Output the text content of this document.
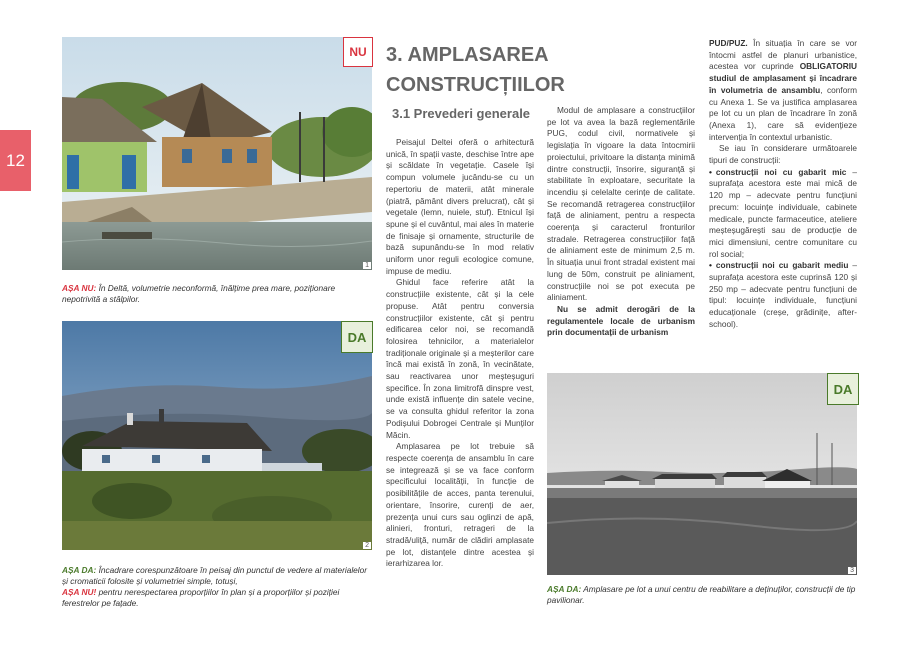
12
1
NU
AȘA NU: În Deltă, volumetrie neconformă, înălțime prea mare, poziționare nepotrivită a stâlpilor.
2
DA
AȘA DA: Încadrare corespunzătoare în peisaj din punctul de vedere al materialelor și cromaticii folosite și volumetriei simple, totuși,
AȘA NU! pentru nerespectarea proporțiilor în plan și a proporțiilor și poziției ferestrelor pe fațade.
3. AMPLASAREA
CONSTRUCȚIILOR
3.1 Prevederi generale

Peisajul Deltei oferă o arhitectură unică, în spații vaste, deschise între ape și scăldate în vegetație. Casele își compun volumele jucându-se cu un repertoriu de materii, atât minerale (piatră, pământ divers prelucrat), cât și vegetale (lemn, nuiele, stuf). Etnicul își spune și el cuvântul, mai ales în materie de finisaje și ornamente, structurile de bază supunându-se în mod relativ uniform unor reguli ecologice comune, impuse de mediu.

Ghidul face referire atât la construcțiile existente, cât și la cele propuse. Atât pentru conversia construcțiilor existente, cât și pentru edificarea celor noi, se recomandă folosirea tehnicilor, a materialelor tradiționale originale și a meșterilor care încă mai există în zonă, în vecinătate, sau reactivarea unor meșteșuguri specifice. În zona limitrofă dinspre vest, unde există influențe din satele vecine, se va consulta ghidul referitor la zona Podișului Dobrogei Centrale și Munților Măcin.

Amplasarea pe lot trebuie să respecte coerența de ansamblu în care se integrează și se va face conform specificului localității, în funcție de posibilitățile de acces, panta terenului, orientare, însorire, curenți de aer, prezența unui curs sau oglinzi de apă, alinieri, fronturi, retrageri de la stradă/uliță, număr de clădiri amplasate pe lot, distanțele dintre acestea și ierarhizarea lor.

Modul de amplasare a construcțiilor pe lot va avea la bază reglementările PUG, codul civil, normativele și legislația în vigoare la data întocmirii proiectului, privitoare la distanța minimă dintre construcții, însorire, siguranță și stabilitate în exploatare, securitate la incendiu și celelalte cerințe de calitate. Se recomandă retragerea construcțiilor față de aliniament, pentru a respecta coerența și caracterul fronturilor stradale. Retragerea construcțiilor față de aliniament este de minimum 2,5 m. În situația unui front stradal existent mai lung de 50m, construit pe aliniament, construcțiile noi se pot executa pe aliniament.

Nu se admit derogări de la regulamentele locale de urbanism prin documentații de urbanism

PUD/PUZ. În situația în care se vor întocmi astfel de planuri urbanistice, acestea vor cuprinde OBLIGATORIU studiul de amplasament și încadrare în volumetria de ansamblu, conform cu Anexa 1. Se va justifica amplasarea pe lot cu un plan de încadrare în zonă (Anexa 1), care să evidențieze intervenția în contextul urbanistic.

Se iau în considerare următoarele tipuri de construcții:

• construcții noi cu gabarit mic – suprafața acestora este mai mică de 120 mp – adecvate pentru funcțiuni precum: locuințe individuale, cabinete medicale, puncte farmaceutice, ateliere meșteșugărești sau de producție de mici dimensiuni, centre comunitare cu rol social;

• construcții noi cu gabarit mediu – suprafața acestora este cuprinsă 120 și 250 mp – adecvate pentru funcțiuni de tipul: locuințe individuale, funcțiuni educaționale (creșe, grădinițe, after-school).

3
DA
AȘA DA: Amplasare pe lot a unui centru de reabilitare a deținuților, construcții de tip pavilionar.
